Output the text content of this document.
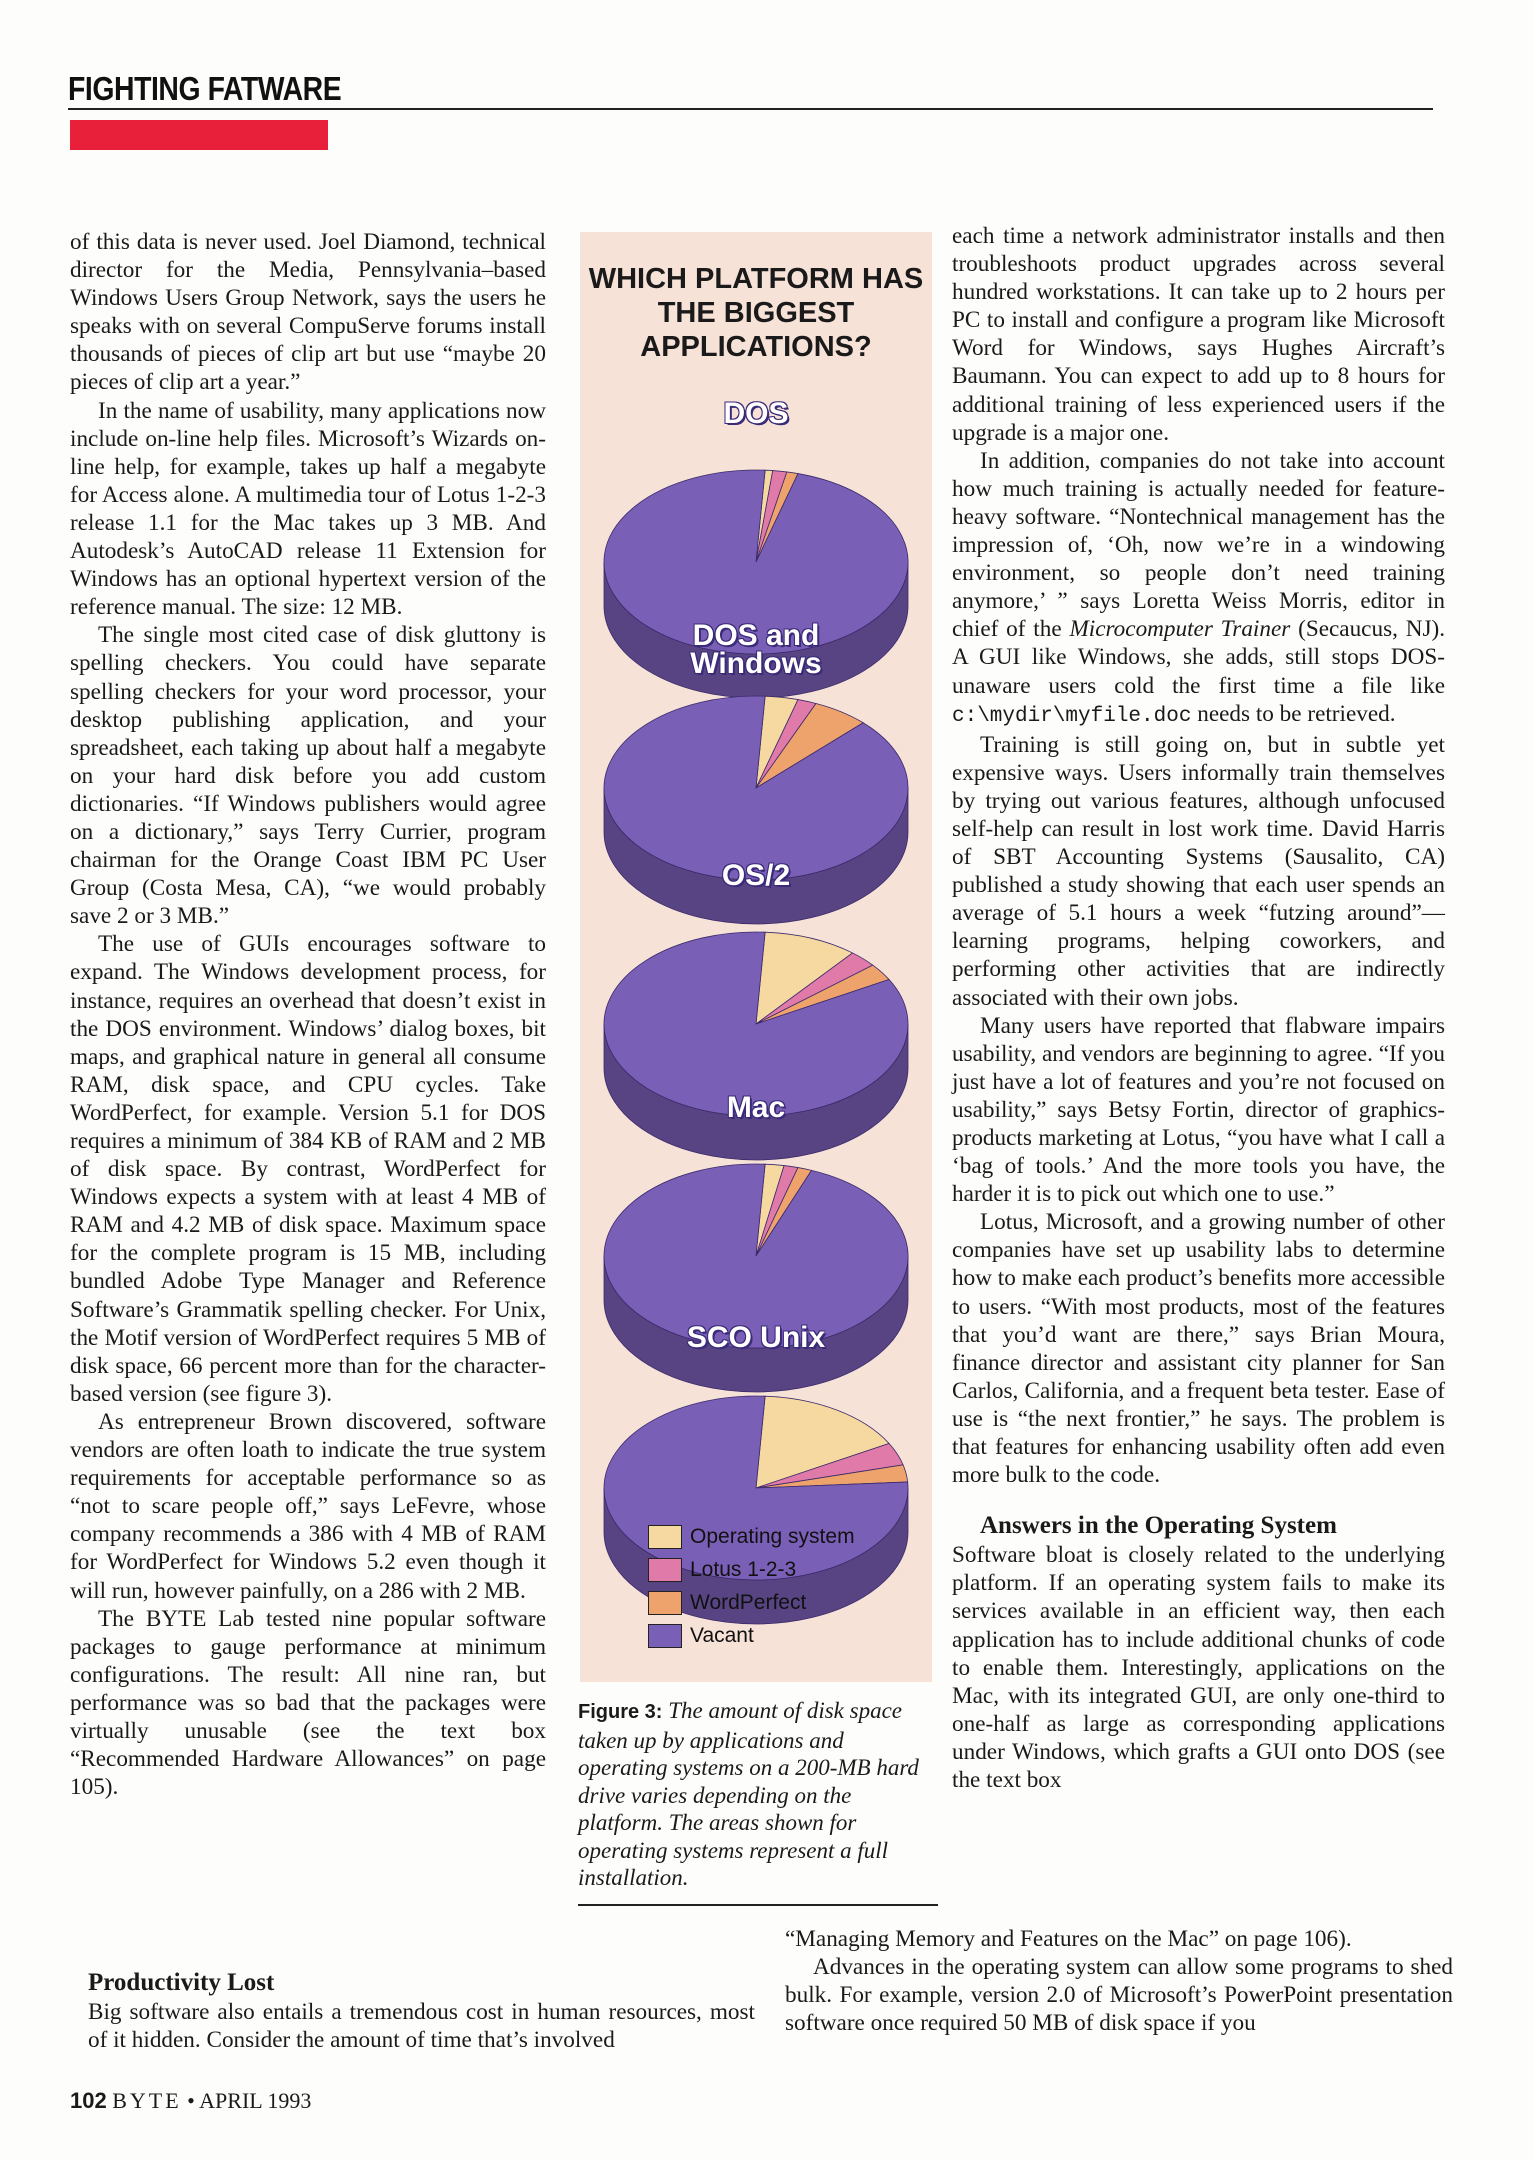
FIGHTING FATWARE

of this data is never used. Joel Diamond, technical director for the Media, Pennsylvania–based Windows Users Group Network, says the users he speaks with on several CompuServe forums install thousands of pieces of clip art but use “maybe 20 pieces of clip art a year.”

In the name of usability, many applications now include on-line help files. Microsoft’s Wizards on-line help, for example, takes up half a megabyte for Access alone. A multimedia tour of Lotus 1-2-3 release 1.1 for the Mac takes up 3 MB. And Autodesk’s AutoCAD release 11 Extension for Windows has an optional hypertext version of the reference manual. The size: 12 MB.

The single most cited case of disk gluttony is spelling checkers. You could have separate spelling checkers for your word processor, your desktop publishing application, and your spreadsheet, each taking up about half a megabyte on your hard disk before you add custom dictionaries. “If Windows publishers would agree on a dictionary,” says Terry Currier, program chairman for the Orange Coast IBM PC User Group (Costa Mesa, CA), “we would probably save 2 or 3 MB.”

The use of GUIs encourages software to expand. The Windows development process, for instance, requires an overhead that doesn’t exist in the DOS environment. Windows’ dialog boxes, bit maps, and graphical nature in general all consume RAM, disk space, and CPU cycles. Take WordPerfect, for example. Version 5.1 for DOS requires a minimum of 384 KB of RAM and 2 MB of disk space. By contrast, WordPerfect for Windows expects a system with at least 4 MB of RAM and 4.2 MB of disk space. Maximum space for the complete program is 15 MB, including bundled Adobe Type Manager and Reference Software’s Grammatik spelling checker. For Unix, the Motif version of WordPerfect requires 5 MB of disk space, 66 percent more than for the character-based version (see figure 3).

As entrepreneur Brown discovered, software vendors are often loath to indicate the true system requirements for acceptable performance so as “not to scare people off,” says LeFevre, whose company recommends a 386 with 4 MB of RAM for WordPerfect for Windows 5.2 even though it will run, however painfully, on a 286 with 2 MB.

The BYTE Lab tested nine popular software packages to gauge performance at minimum configurations. The result: All nine ran, but performance was so bad that the packages were virtually unusable (see the text box “Recommended Hardware Allowances” on page 105).

WHICH PLATFORM HAS THE BIGGEST APPLICATIONS?
DOS
DOS and Windows
OS/2
Mac
SCO Unix
Operating system
Lotus 1-2-3
WordPerfect
Vacant
Figure 3: The amount of disk space taken up by applications and operating systems on a 200-MB hard drive varies depending on the platform. The areas shown for operating systems represent a full installation.

each time a network administrator installs and then troubleshoots product upgrades across several hundred workstations. It can take up to 2 hours per PC to install and configure a program like Microsoft Word for Windows, says Hughes Aircraft’s Baumann. You can expect to add up to 8 hours for additional training of less experienced users if the upgrade is a major one.

In addition, companies do not take into account how much training is actually needed for feature-heavy software. “Nontechnical management has the impression of, ‘Oh, now we’re in a windowing environment, so people don’t need training anymore,’ ” says Loretta Weiss Morris, editor in chief of the Microcomputer Trainer (Secaucus, NJ). A GUI like Windows, she adds, still stops DOS-unaware users cold the first time a file like c:\mydir\myfile.doc needs to be retrieved.

Training is still going on, but in subtle yet expensive ways. Users informally train themselves by trying out various features, although unfocused self-help can result in lost work time. David Harris of SBT Accounting Systems (Sausalito, CA) published a study showing that each user spends an average of 5.1 hours a week “futzing around”—learning programs, helping coworkers, and performing other activities that are indirectly associated with their own jobs.

Many users have reported that flabware impairs usability, and vendors are beginning to agree. “If you just have a lot of features and you’re not focused on usability,” says Betsy Fortin, director of graphics-products marketing at Lotus, “you have what I call a ‘bag of tools.’ And the more tools you have, the harder it is to pick out which one to use.”

Lotus, Microsoft, and a growing number of other companies have set up usability labs to determine how to make each product’s benefits more accessible to users. “With most products, most of the features that you’d want are there,” says Brian Moura, finance director and assistant city planner for San Carlos, California, and a frequent beta tester. Ease of use is “the next frontier,” he says. The problem is that features for enhancing usability often add even more bulk to the code.

Answers in the Operating System

Software bloat is closely related to the underlying platform. If an operating system fails to make its services available in an efficient way, then each application has to include additional chunks of code to enable them. Interestingly, applications on the Mac, with its integrated GUI, are only one-third to one-half as large as corresponding applications under Windows, which grafts a GUI onto DOS (see the text box

“Managing Memory and Features on the Mac” on page 106).

Advances in the operating system can allow some programs to shed bulk. For example, version 2.0 of Microsoft’s PowerPoint presentation software once required 50 MB of disk space if you

Productivity Lost

Big software also entails a tremendous cost in human resources, most of it hidden. Consider the amount of time that’s involved

102 BYTE • APRIL 1993
